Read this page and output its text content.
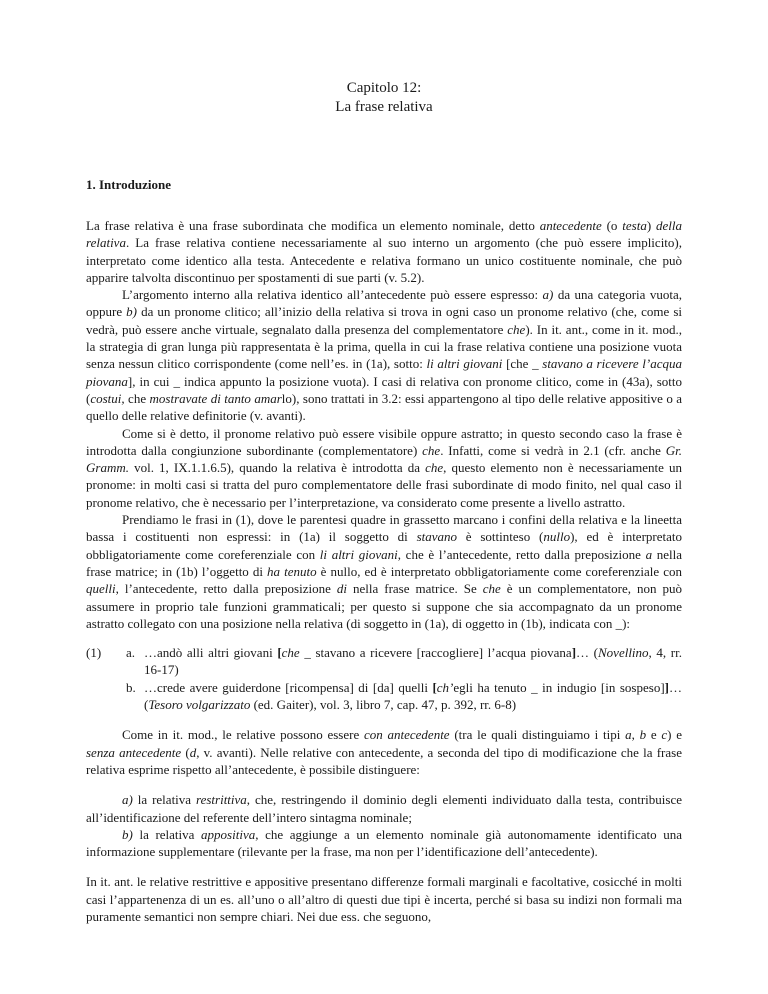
Capitolo 12:
La frase relativa
1. Introduzione

La frase relativa è una frase subordinata che modifica un elemento nominale, detto antecedente (o testa) della relativa. La frase relativa contiene necessariamente al suo interno un argomento (che può essere implicito), interpretato come identico alla testa. Antecedente e relativa formano un unico costituente nominale, che può apparire talvolta discontinuo per spostamenti di sue parti (v. 5.2).

L’argomento interno alla relativa identico all’antecedente può essere espresso: a) da una categoria vuota, oppure b) da un pronome clitico; all’inizio della relativa si trova in ogni caso un pronome relativo (che, come si vedrà, può essere anche virtuale, segnalato dalla presenza del complementatore che). In it. ant., come in it. mod., la strategia di gran lunga più rappresentata è la prima, quella in cui la frase relativa contiene una posizione vuota senza nessun clitico corrispondente (come nell’es. in (1a), sotto: li altri giovani [che _ stavano a ricevere l’acqua piovana], in cui _ indica appunto la posizione vuota). I casi di relativa con pronome clitico, come in (43a), sotto (costui, che mostravate di tanto amarlo), sono trattati in 3.2: essi appartengono al tipo delle relative appositive o a quello delle relative definitorie (v. avanti).

Come si è detto, il pronome relativo può essere visibile oppure astratto; in questo secondo caso la frase è introdotta dalla congiunzione subordinante (complementatore) che. Infatti, come si vedrà in 2.1 (cfr. anche Gr. Gramm. vol. 1, IX.1.1.6.5), quando la relativa è introdotta da che, questo elemento non è necessariamente un pronome: in molti casi si tratta del puro complementatore delle frasi subordinate di modo finito, nel qual caso il pronome relativo, che è necessario per l’interpretazione, va considerato come presente a livello astratto.

Prendiamo le frasi in (1), dove le parentesi quadre in grassetto marcano i confini della relativa e la lineetta bassa i costituenti non espressi: in (1a) il soggetto di stavano è sottinteso (nullo), ed è interpretato obbligatoriamente come coreferenziale con li altri giovani, che è l’antecedente, retto dalla preposizione a nella frase matrice; in (1b) l’oggetto di ha tenuto è nullo, ed è interpretato obbligatoriamente come coreferenziale con quelli, l’antecedente, retto dalla preposizione di nella frase matrice. Se che è un complementatore, non può assumere in proprio tale funzioni grammaticali; per questo si suppone che sia accompagnato da un pronome astratto collegato con una posizione nella relativa (di soggetto in (1a), di oggetto in (1b), indicata con _):

(1)	a. …andò alli altri giovani [che _ stavano a ricevere [raccogliere] l’acqua piovana]… (Novellino, 4, rr. 16-17)
b. …crede avere guiderdone [ricompensa] di [da] quelli [ch’egli ha tenuto _ in indugio [in sospeso]]… (Tesoro volgarizzato (ed. Gaiter), vol. 3, libro 7, cap. 47, p. 392, rr. 6-8)

Come in it. mod., le relative possono essere con antecedente (tra le quali distinguiamo i tipi a, b e c) e senza antecedente (d, v. avanti). Nelle relative con antecedente, a seconda del tipo di modificazione che la frase relativa esprime rispetto all’antecedente, è possibile distinguere:

a) la relativa restrittiva, che, restringendo il dominio degli elementi individuato dalla testa, contribuisce all’identificazione del referente dell’intero sintagma nominale;

b) la relativa appositiva, che aggiunge a un elemento nominale già autonomamente identificato una informazione supplementare (rilevante per la frase, ma non per l’identificazione dell’antecedente).

In it. ant. le relative restrittive e appositive presentano differenze formali marginali e facoltative, cosicché in molti casi l’appartenenza di un es. all’uno o all’altro di questi due tipi è incerta, perché si basa su indizi non formali ma puramente semantici non sempre chiari. Nei due ess. che seguono,
